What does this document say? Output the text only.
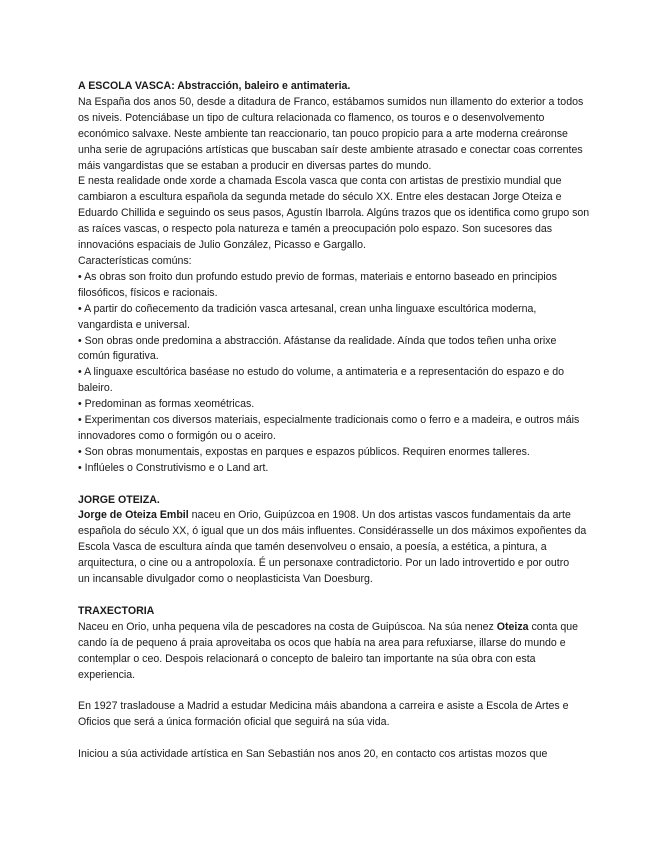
A ESCOLA VASCA: Abstracción, baleiro e antimateria.
Na España dos anos 50, desde a ditadura de Franco, estábamos sumidos nun illamento do exterior a todos
os niveis. Potenciábase un tipo de cultura relacionada co flamenco, os touros e o desenvolvemento
económico salvaxe. Neste ambiente tan reaccionario, tan pouco propicio para a arte moderna creáronse
unha serie de agrupacións artísticas que buscaban saír deste ambiente atrasado e conectar coas correntes
máis vangardistas que se estaban a producir en diversas partes do mundo.
E nesta realidade onde xorde a chamada Escola vasca que conta con artistas de prestixio mundial que
cambiaron a escultura española da segunda metade do século XX. Entre eles destacan Jorge Oteiza e
Eduardo Chillida e seguindo os seus pasos, Agustín Ibarrola. Algúns trazos que os identifica como grupo son
as raíces vascas, o respecto pola natureza e tamén a preocupación polo espazo. Son sucesores das
innovacións espaciais de Julio González, Picasso e Gargallo.
Características comúns:
• As obras son froito dun profundo estudo previo de formas, materiais e entorno baseado en principios
filosóficos, físicos e racionais.
• A partir do coñecemento da tradición vasca artesanal, crean unha linguaxe escultórica moderna,
vangardista e universal.
• Son obras onde predomina a abstracción. Afástanse da realidade. Aínda que todos teñen unha orixe
común figurativa.
• A linguaxe escultórica baséase no estudo do volume, a antimateria e a representación do espazo e do
baleiro.
• Predominan as formas xeométricas.
• Experimentan cos diversos materiais, especialmente tradicionais como o ferro e a madeira, e outros máis
innovadores como o formigón ou o aceiro.
• Son obras monumentais, expostas en parques e espazos públicos. Requiren enormes talleres.
• Inflúeles o Construtivismo e o Land art.
JORGE OTEIZA.
Jorge de Oteiza Embil naceu en Orio, Guipúzcoa en 1908. Un dos artistas vascos fundamentais da arte
española do século XX, ó igual que un dos máis influentes. Considérasselle un dos máximos expoñentes da
Escola Vasca de escultura aínda que tamén desenvolveu o ensaio, a poesía, a estética, a pintura, a
arquitectura, o cine ou a antropoloxía. É un personaxe contradictorio. Por un lado introvertido e por outro
un incansable divulgador como o neoplasticista Van Doesburg.
TRAXECTORIA
Naceu en Orio, unha pequena vila de pescadores na costa de Guipúscoa. Na súa nenez Oteiza conta que
cando ía de pequeno á praia aproveitaba os ocos que había na area para refuxiarse, illarse do mundo e
contemplar o ceo. Despois relacionará o concepto de baleiro tan importante na súa obra con esta
experiencia.
En 1927 trasladouse a Madrid a estudar Medicina máis abandona a carreira e asiste a Escola de Artes e
Oficios que será a única formación oficial que seguirá na súa vida.
Iniciou a súa actividade artística en San Sebastián nos anos 20, en contacto cos artistas mozos que
